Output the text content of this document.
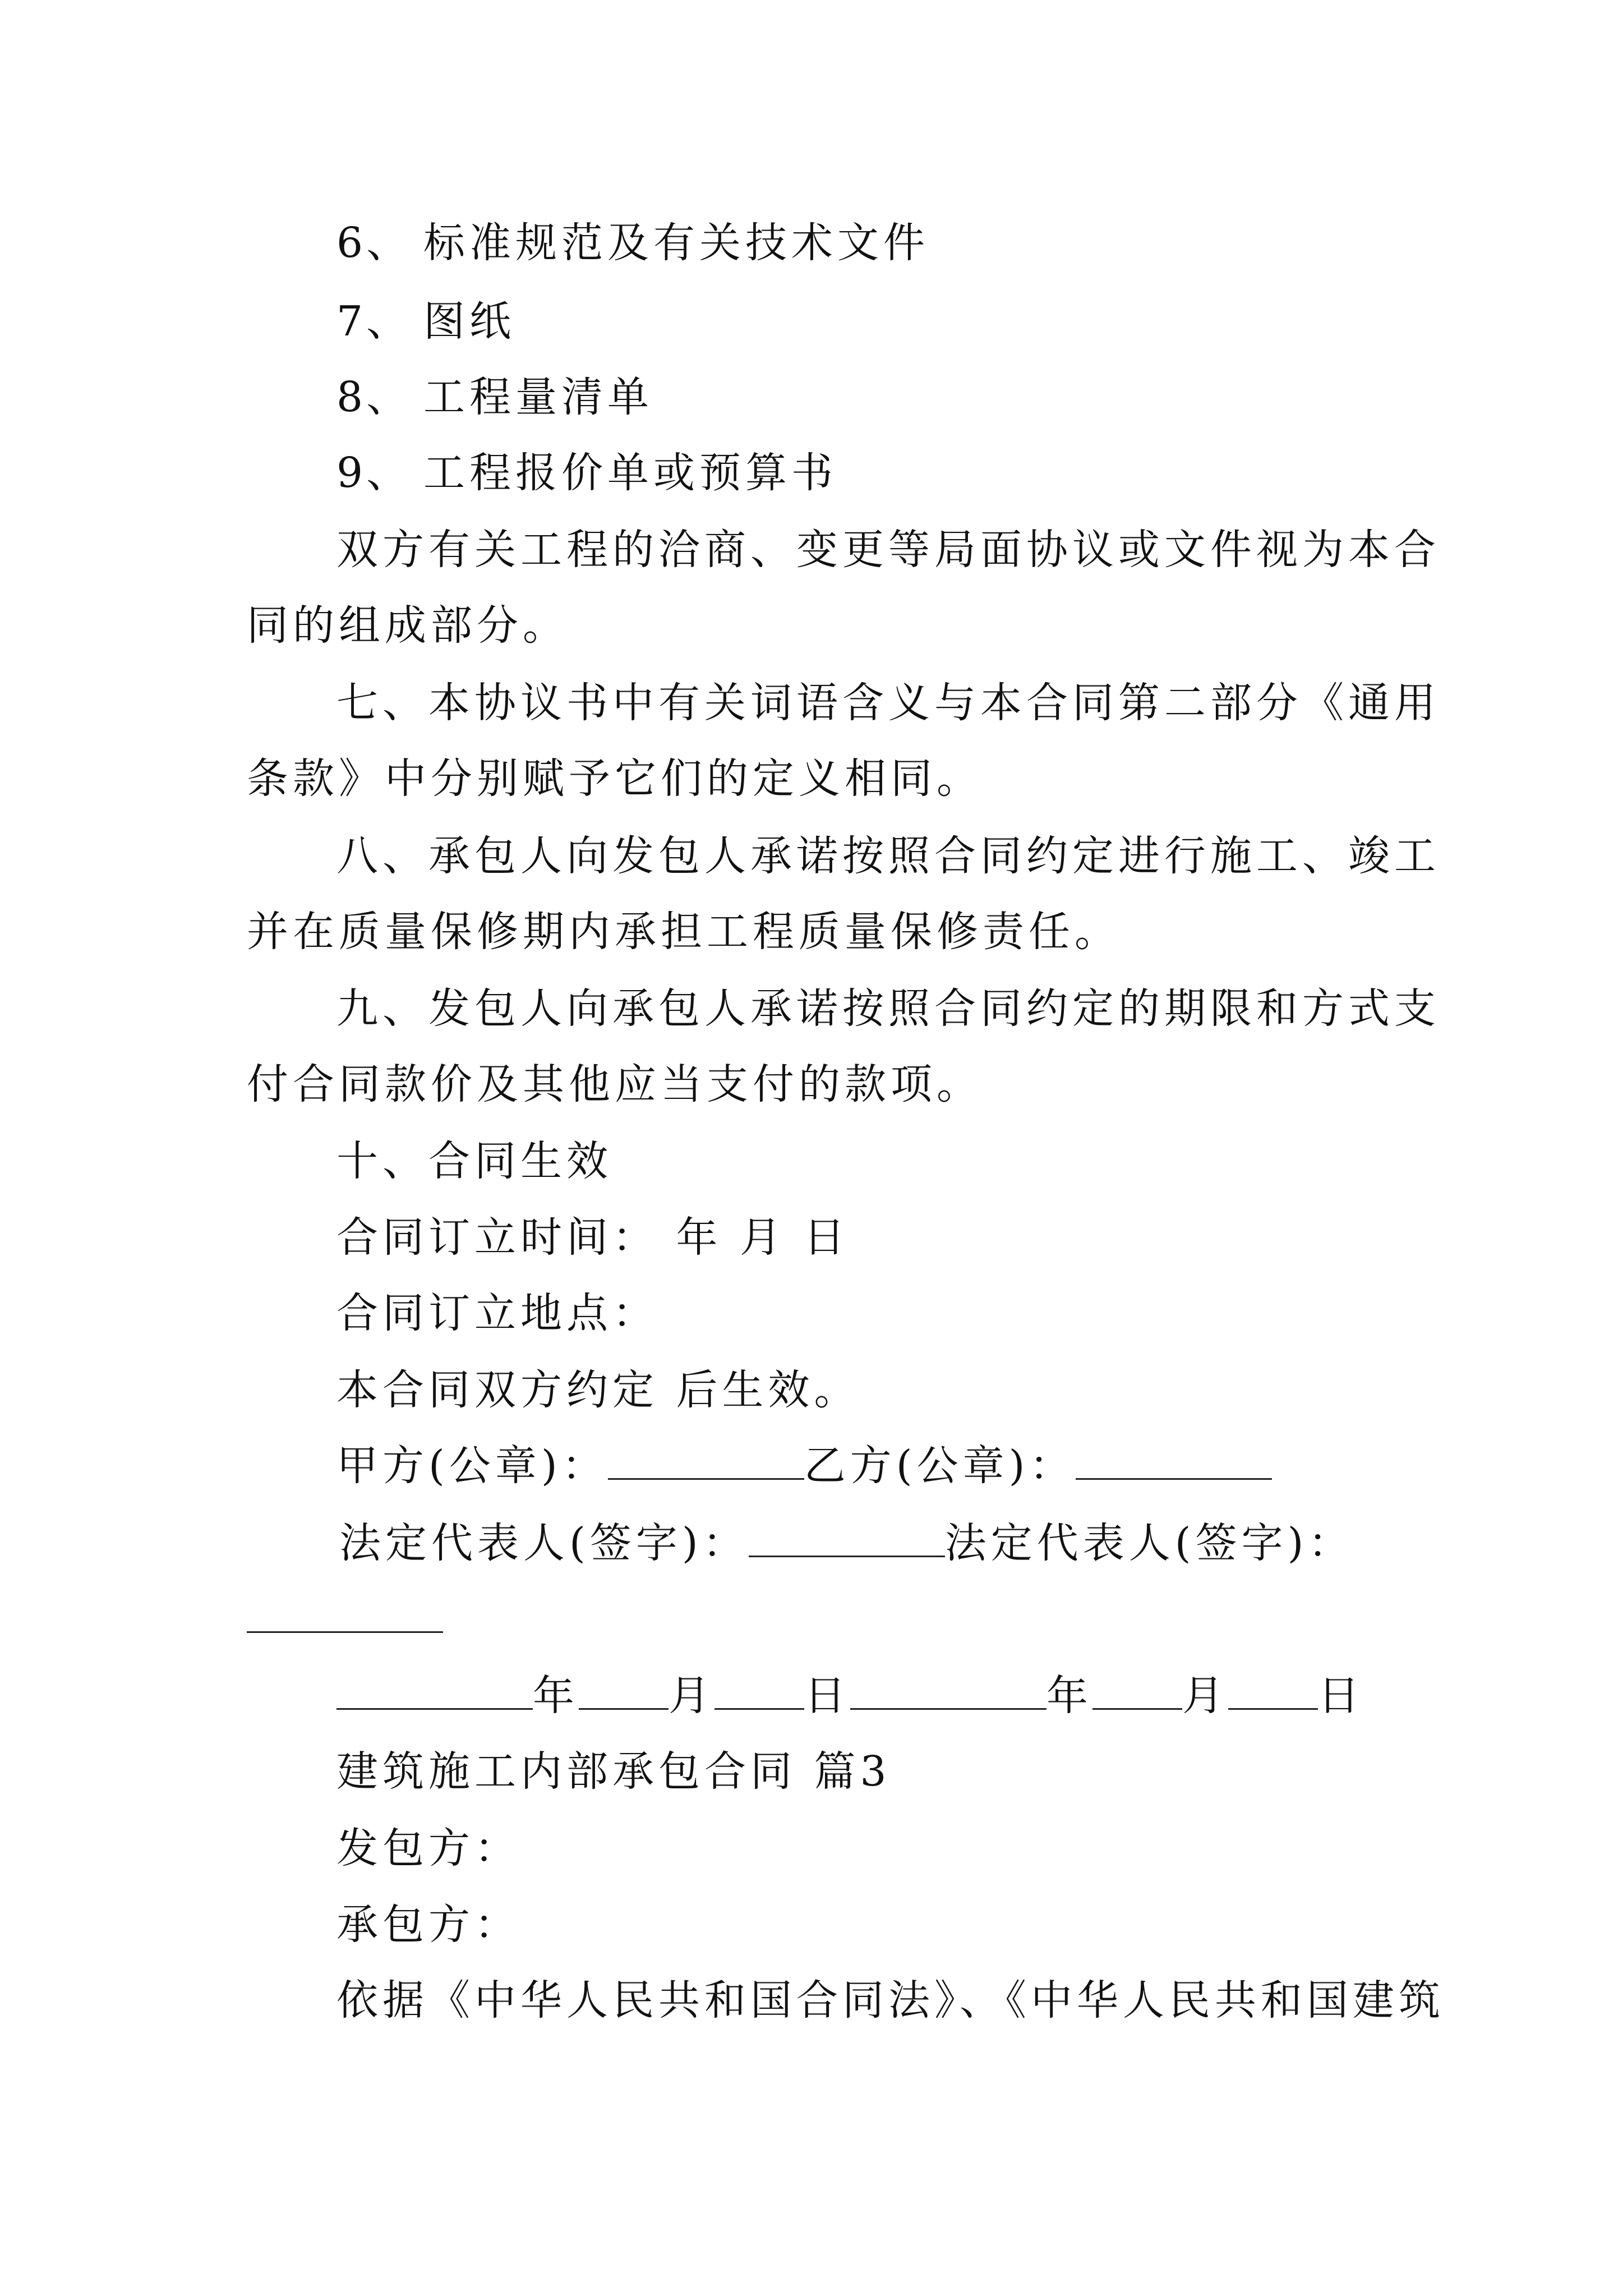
6、 标准规范及有关技术文件
7、 图纸
8、 工程量清单
9、 工程报价单或预算书
双方有关工程的洽商、变更等局面协议或文件视为本合
同的组成部分。
七、本协议书中有关词语含义与本合同第二部分《通用
条款》中分别赋予它们的定义相同。
八、承包人向发包人承诺按照合同约定进行施工、竣工
并在质量保修期内承担工程质量保修责任。
九、发包人向承包人承诺按照合同约定的期限和方式支
付合同款价及其他应当支付的款项。
十、合同生效
合同订立时间： 年 月 日
合同订立地点：
本合同双方约定 后生效。
甲方(公章)：	乙方(公章)：
法定代表人(签字)：	法定代表人(签字)：
年 月 日	年 月 日
建筑施工内部承包合同 篇3
发包方：
承包方：
依据《中华人民共和国合同法》、《中华人民共和国建筑
